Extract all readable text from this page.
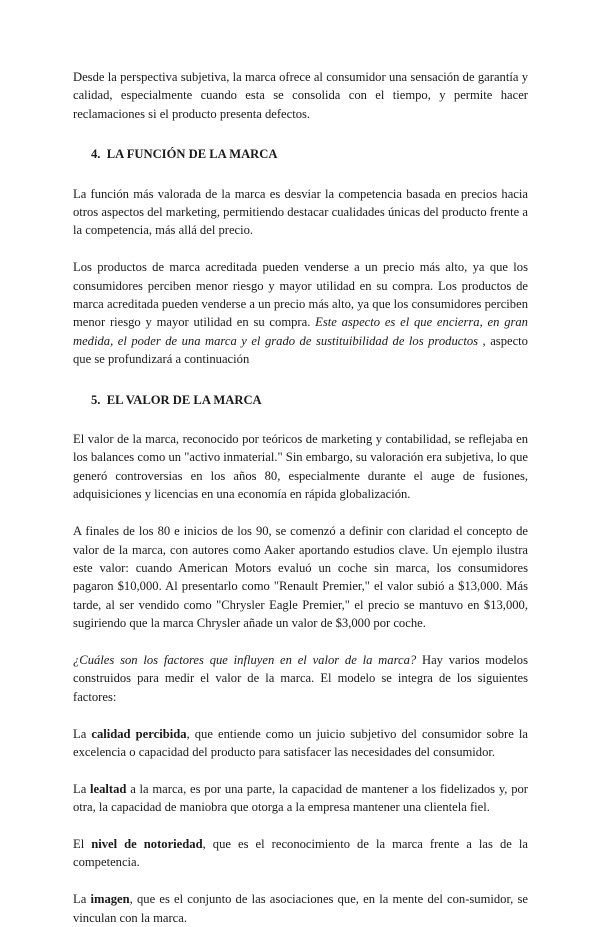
Desde la perspectiva subjetiva, la marca ofrece al consumidor una sensación de garantía y calidad, especialmente cuando esta se consolida con el tiempo, y permite hacer reclamaciones si el producto presenta defectos.

4.  LA FUNCIÓN DE LA MARCA

La función más valorada de la marca es desviar la competencia basada en precios hacia otros aspectos del marketing, permitiendo destacar cualidades únicas del producto frente a la competencia, más allá del precio.

Los productos de marca acreditada pueden venderse a un precio más alto, ya que los consumidores perciben menor riesgo y mayor utilidad en su compra. Los productos de marca acreditada pueden venderse a un precio más alto, ya que los consumidores perciben menor riesgo y mayor utilidad en su compra. Este aspecto es el que encierra, en gran medida, el poder de una marca y el grado de sustituibilidad de los productos , aspecto que se profundizará a continuación

5.  EL VALOR DE LA MARCA

El valor de la marca, reconocido por teóricos de marketing y contabilidad, se reflejaba en los balances como un "activo inmaterial." Sin embargo, su valoración era subjetiva, lo que generó controversias en los años 80, especialmente durante el auge de fusiones, adquisiciones y licencias en una economía en rápida globalización.

A finales de los 80 e inicios de los 90, se comenzó a definir con claridad el concepto de valor de la marca, con autores como Aaker aportando estudios clave. Un ejemplo ilustra este valor: cuando American Motors evaluó un coche sin marca, los consumidores pagaron $10,000. Al presentarlo como "Renault Premier," el valor subió a $13,000. Más tarde, al ser vendido como "Chrysler Eagle Premier," el precio se mantuvo en $13,000, sugiriendo que la marca Chrysler añade un valor de $3,000 por coche.

¿Cuáles son los factores que influyen en el valor de la marca? Hay varios modelos construidos para medir el valor de la marca. El modelo se integra de los siguientes factores:

La calidad percibida, que entiende como un juicio subjetivo del consumidor sobre la excelencia o capacidad del producto para satisfacer las necesidades del consumidor.

La lealtad a la marca, es por una parte, la capacidad de mantener a los fidelizados y, por otra, la capacidad de maniobra que otorga a la empresa mantener una clientela fiel.

El nivel de notoriedad, que es el reconocimiento de la marca frente a las de la competencia.

La imagen, que es el conjunto de las asociaciones que, en la mente del con-sumidor, se vinculan con la marca.
